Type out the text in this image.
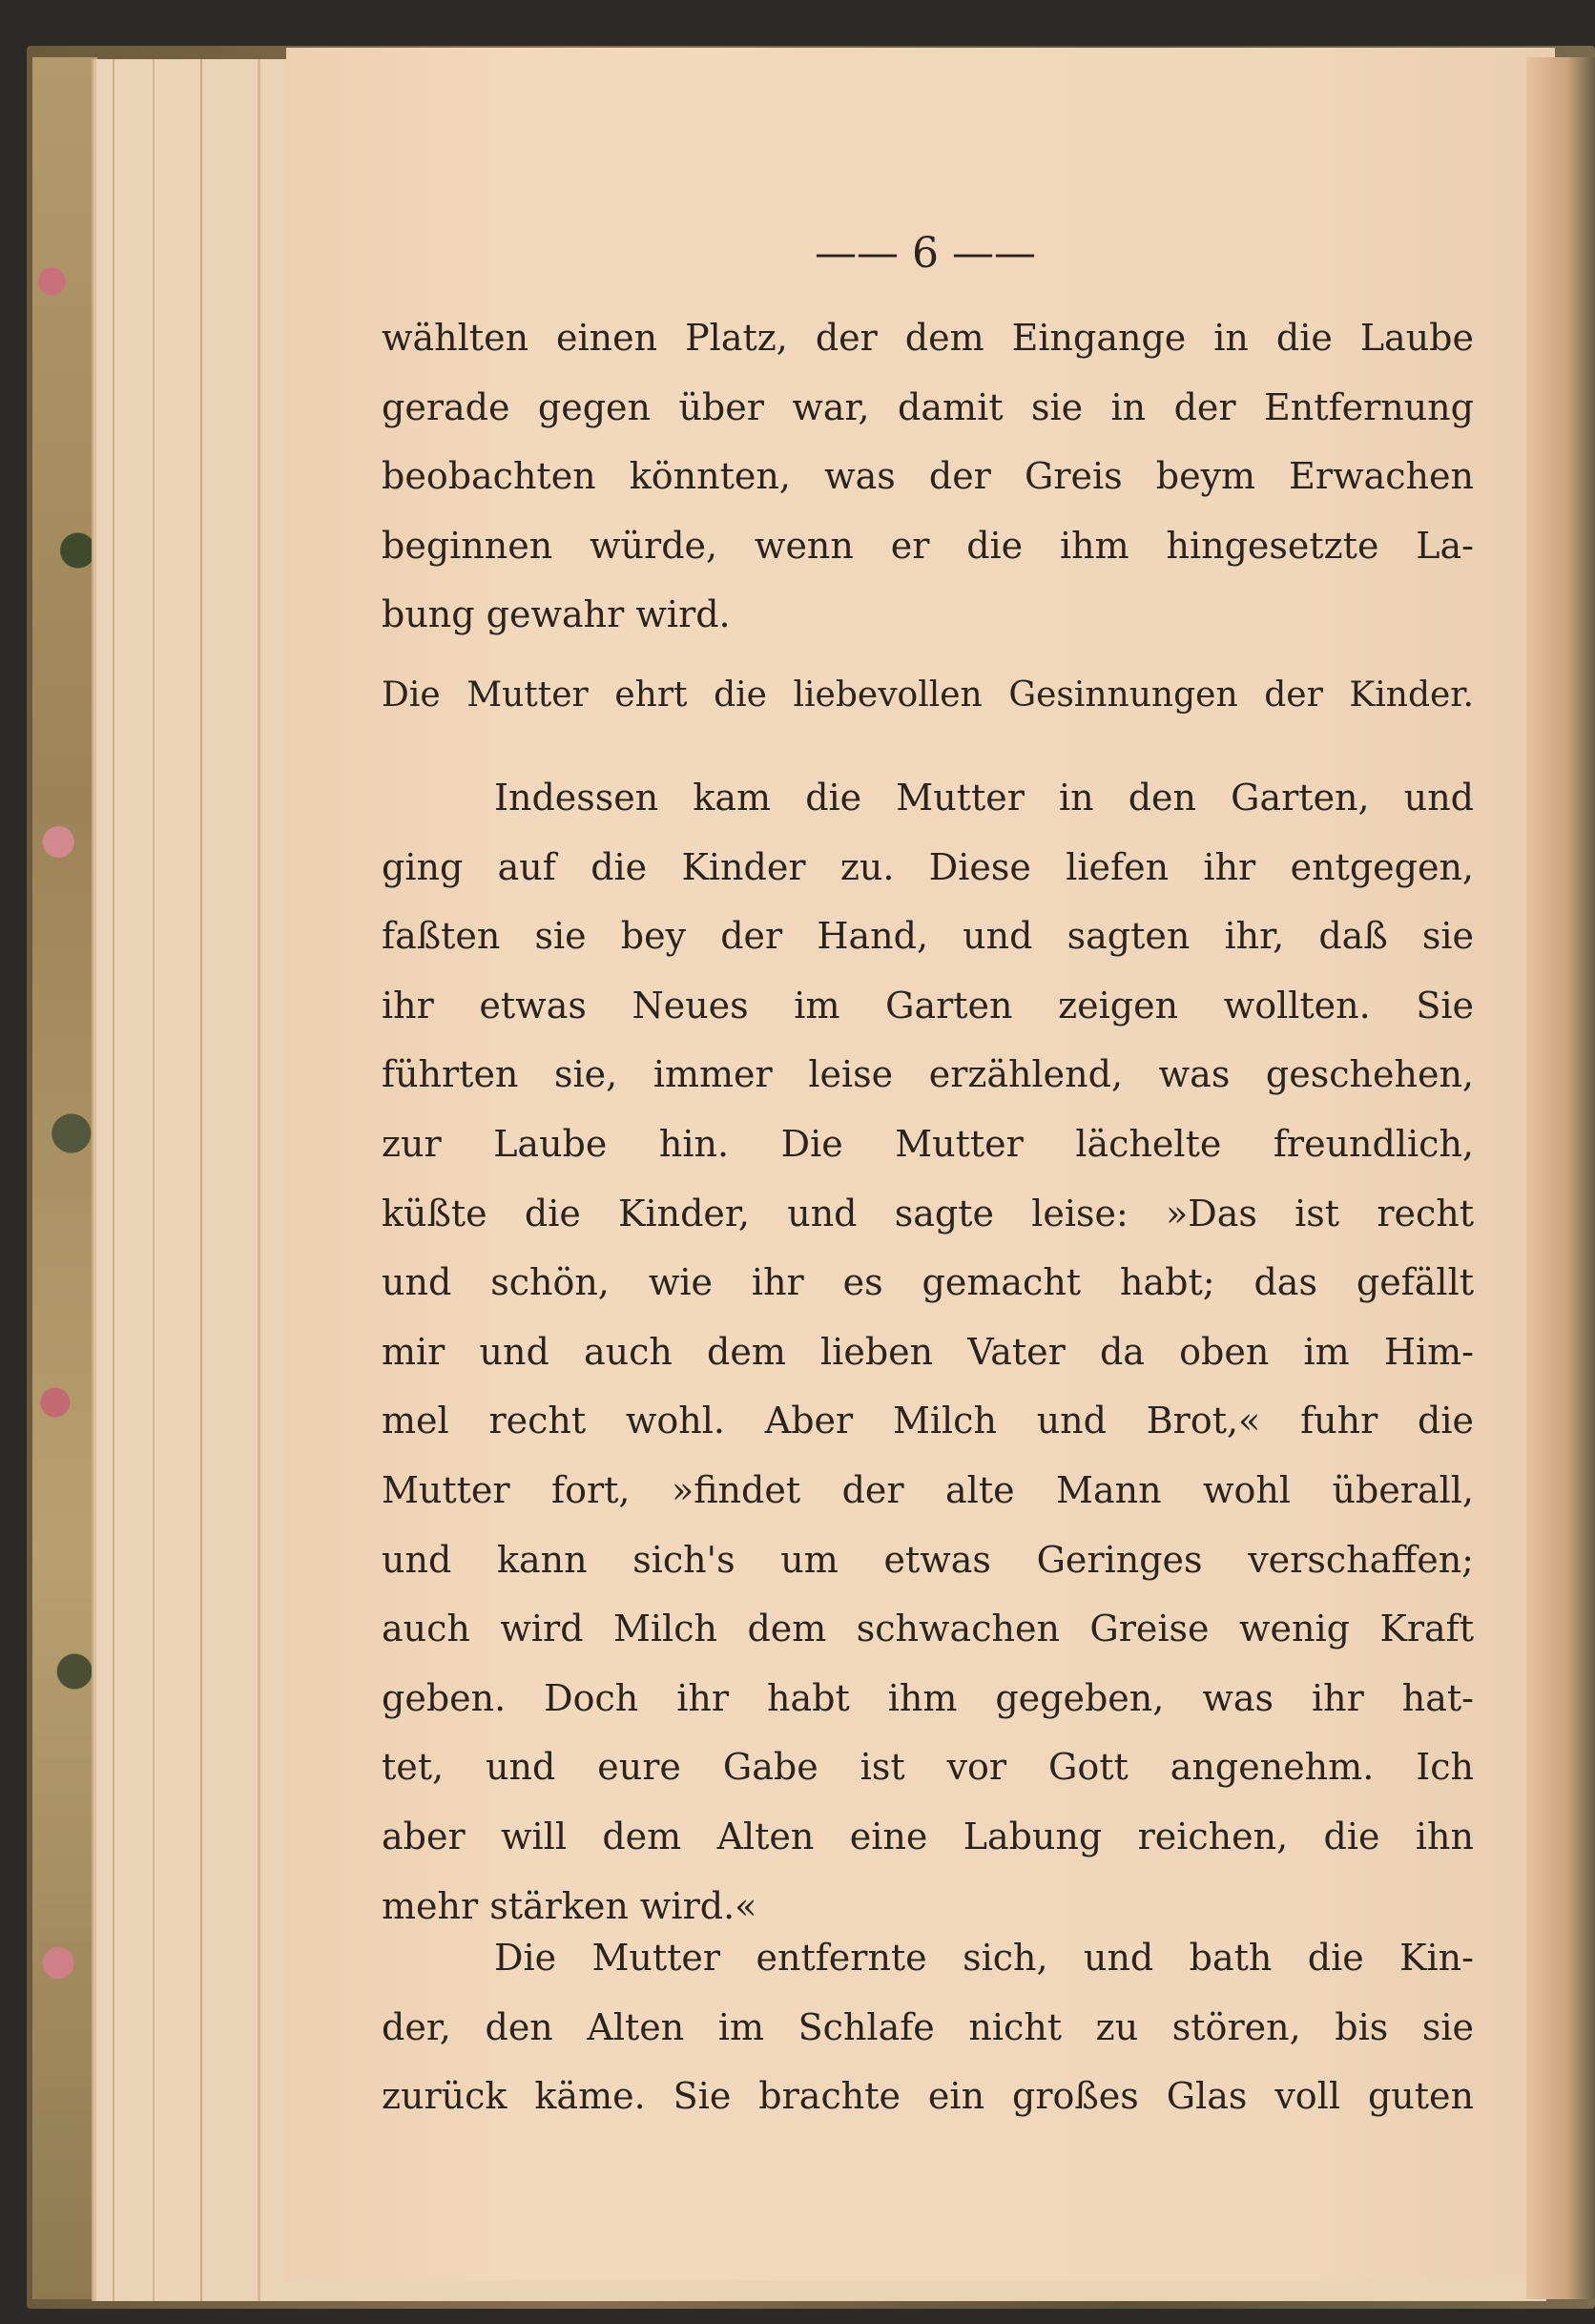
—— 6 ——
wählten einen Platz, der dem Eingange in die Laube
gerade gegen über war, damit sie in der Entfernung
beobachten könnten, was der Greis beym Erwachen
beginnen würde, wenn er die ihm hingesetzte La-
bung gewahr wird.
Die Mutter ehrt die liebevollen Gesinnungen der Kinder.
Indessen kam die Mutter in den Garten, und
ging auf die Kinder zu. Diese liefen ihr entgegen,
faßten sie bey der Hand, und sagten ihr, daß sie
ihr etwas Neues im Garten zeigen wollten. Sie
führten sie, immer leise erzählend, was geschehen,
zur Laube hin. Die Mutter lächelte freundlich,
küßte die Kinder, und sagte leise: »Das ist recht
und schön, wie ihr es gemacht habt; das gefällt
mir und auch dem lieben Vater da oben im Him-
mel recht wohl. Aber Milch und Brot,« fuhr die
Mutter fort, »findet der alte Mann wohl überall,
und kann sich's um etwas Geringes verschaffen;
auch wird Milch dem schwachen Greise wenig Kraft
geben. Doch ihr habt ihm gegeben, was ihr hat-
tet, und eure Gabe ist vor Gott angenehm. Ich
aber will dem Alten eine Labung reichen, die ihn
mehr stärken wird.«
Die Mutter entfernte sich, und bath die Kin-
der, den Alten im Schlafe nicht zu stören, bis sie
zurück käme. Sie brachte ein großes Glas voll guten
